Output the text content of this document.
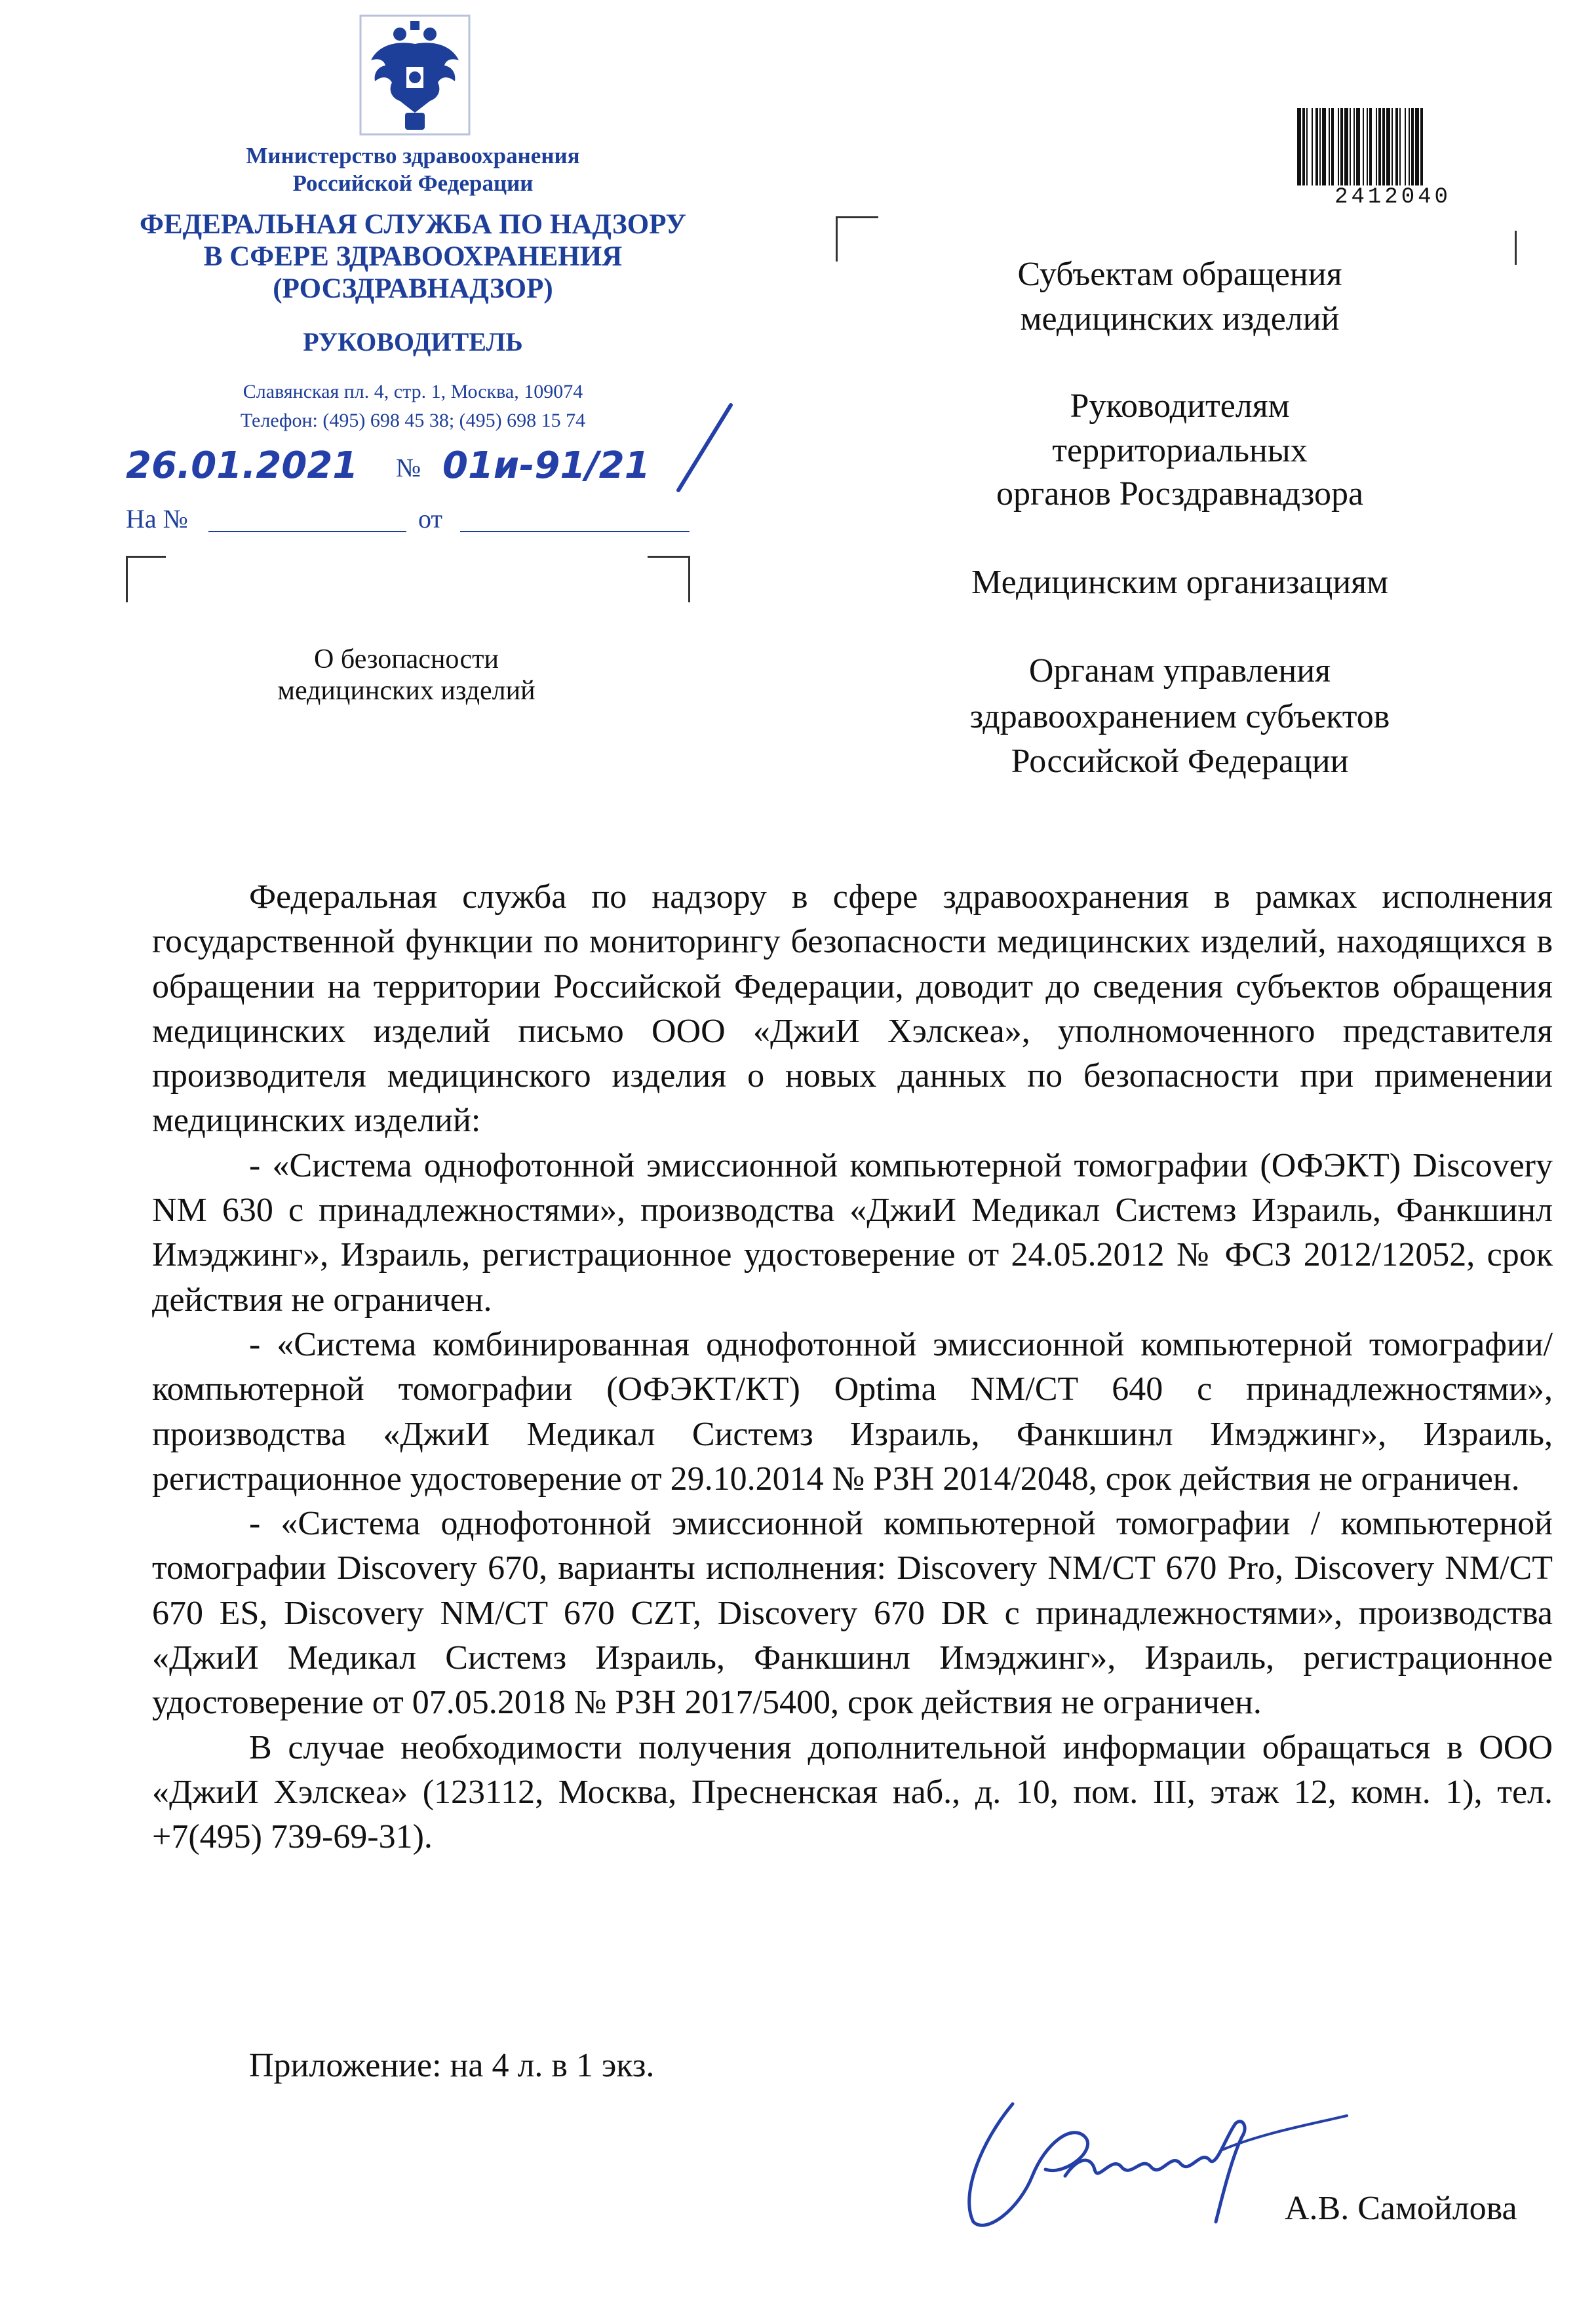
Министерство здравоохранения
Российской Федерации
ФЕДЕРАЛЬНАЯ СЛУЖБА ПО НАДЗОРУ
В СФЕРЕ ЗДРАВООХРАНЕНИЯ
(РОСЗДРАВНАДЗОР)
РУКОВОДИТЕЛЬ
Славянская пл. 4, стр. 1, Москва, 109074
Телефон: (495) 698 45 38; (495) 698 15 74
26.01.2021 № 01и-91/21
На №	от
О безопасности
медицинских изделий
2412040
Субъектам обращения
медицинских изделий
Руководителям
территориальных
органов Росздравнадзора
Медицинским организациям
Органам управления
здравоохранением субъектов
Российской Федерации

Федеральная служба по надзору в сфере здравоохранения в рамках исполнения государственной функции по мониторингу безопасности медицинских изделий, находящихся в обращении на территории Российской Федерации, доводит до сведения субъектов обращения медицинских изделий письмо ООО «ДжиИ Хэлскеа», уполномоченного представителя производителя медицинского изделия о новых данных по безопасности при применении медицинских изделий:

- «Система однофотонной эмиссионной компьютерной томографии (ОФЭКТ) Discovery NM 630 с принадлежностями», производства «ДжиИ Медикал Системз Израиль, Фанкшинл Имэджинг», Израиль, регистрационное удостоверение от 24.05.2012 № ФСЗ 2012/12052, срок действия не ограничен.

- «Система комбинированная однофотонной эмиссионной компьютерной томографии/компьютерной томографии (ОФЭКТ/КТ) Optima NM/CT 640 с принадлежностями», производства «ДжиИ Медикал Системз Израиль, Фанкшинл Имэджинг», Израиль, регистрационное удостоверение от 29.10.2014 № РЗН 2014/2048, срок действия не ограничен.

- «Система однофотонной эмиссионной компьютерной томографии / компьютерной томографии Discovery 670, варианты исполнения: Discovery NM/CT 670 Pro, Discovery NM/CT 670 ES, Discovery NM/CT 670 CZT, Discovery 670 DR с принадлежностями», производства «ДжиИ Медикал Системз Израиль, Фанкшинл Имэджинг», Израиль, регистрационное удостоверение от 07.05.2018 № РЗН 2017/5400, срок действия не ограничен.

В случае необходимости получения дополнительной информации обращаться в ООО «ДжиИ Хэлскеа» (123112, Москва, Пресненская наб., д. 10, пом. III, этаж 12, комн. 1), тел. +7(495) 739-69-31).

Приложение: на 4 л. в 1 экз.
А.В. Самойлова
